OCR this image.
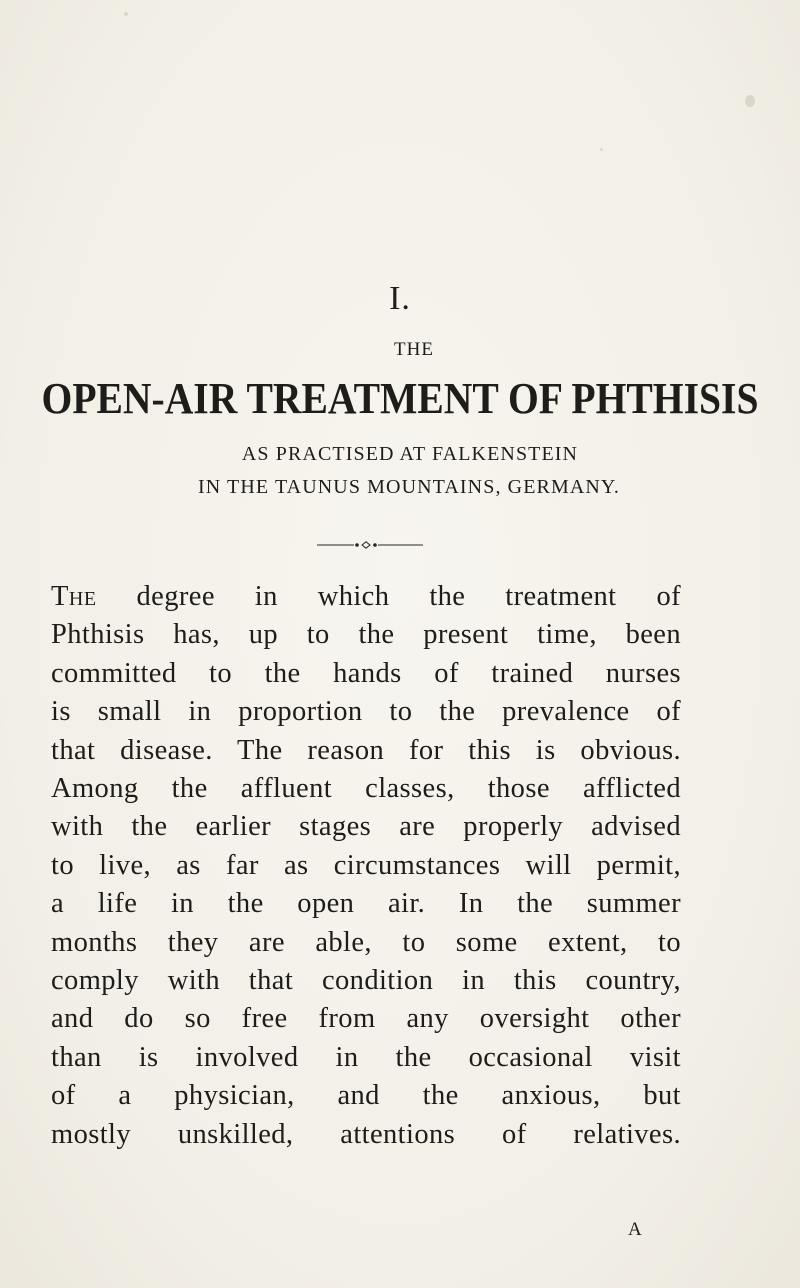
I.
THE
OPEN-AIR TREATMENT OF PHTHISIS
AS PRACTISED AT FALKENSTEIN
IN THE TAUNUS MOUNTAINS, GERMANY.
The degree in which the treatment of
Phthisis has, up to the present time, been
committed to the hands of trained nurses
is small in proportion to the prevalence of
that disease. The reason for this is obvious.
Among the affluent classes, those afflicted
with the earlier stages are properly advised
to live, as far as circumstances will permit,
a life in the open air. In the summer
months they are able, to some extent, to
comply with that condition in this country,
and do so free from any oversight other
than is involved in the occasional visit
of a physician, and the anxious, but
mostly unskilled, attentions of relatives.
A
